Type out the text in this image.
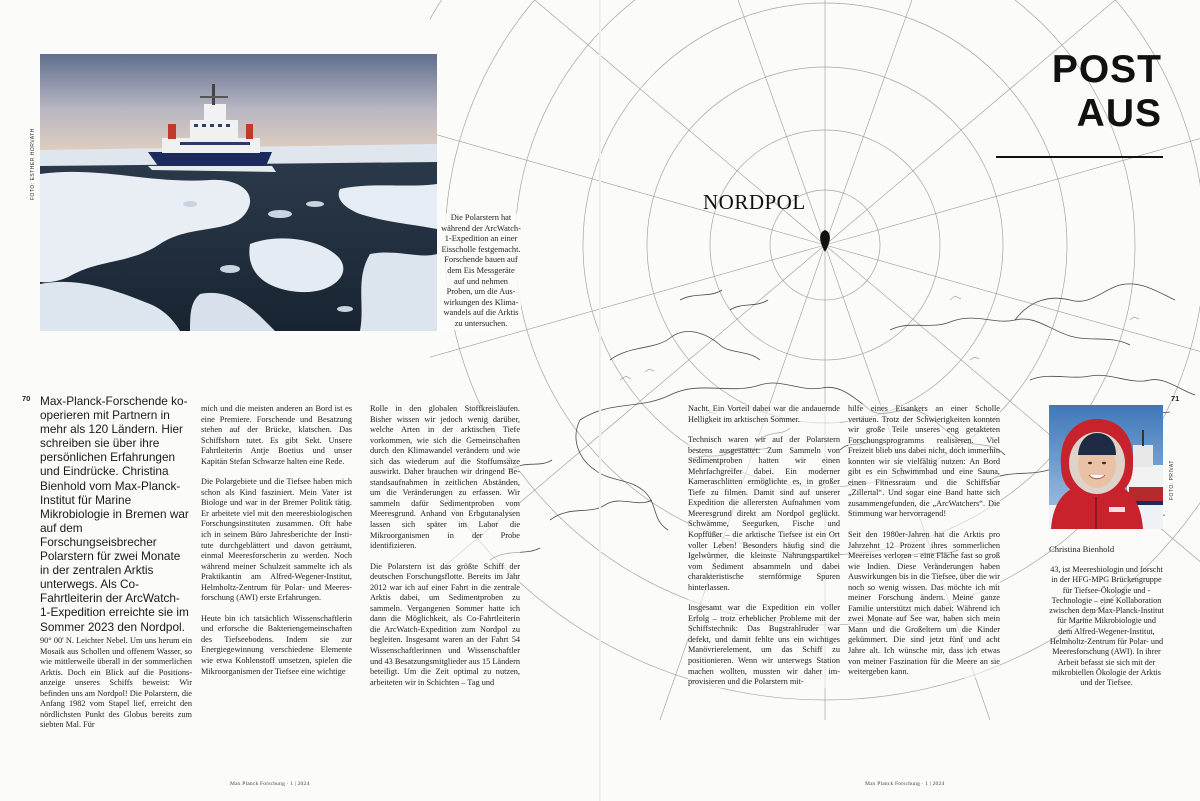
FOTO: ESTHER HORVATH
Die Polarstern hat während der ArcWatch-1-Expedition an einer Eisscholle festgemacht. Forschende bauen auf dem Eis Messgeräte auf und nehmen Proben, um die Auswirkungen des Klimawandels auf die Arktis zu untersuchen.
POST
AUS
NORDPOL
70	71
Max-Planck-Forschende kooperieren mit Partnern in mehr als 120 Ländern. Hier schreiben sie über ihre persönlichen Erfahrungen und Eindrücke. Christina Bienhold vom Max-Planck-Institut für Marine Mikrobiologie in Bremen war auf dem Forschungseisbrecher Polarstern für zwei Monate in der zentralen Arktis unterwegs. Als Co-Fahrtleiterin der ArcWatch-1-Expedition erreichte sie im Sommer 2023 den Nordpol.

90° 00' N. Leichter Nebel. Um uns herum ein Mosaik aus Schollen und offenem Wasser, so wie mittlerweile überall in der sommerlichen Arktis. Doch ein Blick auf die Positionsanzeige unseres Schiffs beweist: Wir befinden uns am Nordpol! Die Polarstern, die Anfang 1982 vom Stapel lief, erreicht den nördlichsten Punkt des Globus bereits zum siebten Mal. Für

mich und die meisten anderen an Bord ist es eine Premiere. Forschende und Besatzung stehen auf der Brücke, klatschen. Das Schiffshorn tutet. Es gibt Sekt. Unsere Fahrtleiterin Antje Boetius und unser Kapitän Stefan Schwarze halten eine Rede.

Die Polargebiete und die Tiefsee haben mich schon als Kind fasziniert. Mein Vater ist Biologe und war in der Bremer Politik tätig. Er arbeitete viel mit den meeresbiologischen Forschungsinstituten zusammen. Oft habe ich in seinem Büro Jahresberichte der Institute durchgeblättert und davon geträumt, einmal Meeresforscherin zu werden. Noch während meiner Schulzeit sammelte ich als Praktikantin am Alfred-Wegener-Institut, Helmholtz-Zentrum für Polar- und Meeresforschung (AWI) erste Erfahrungen.

Heute bin ich tatsächlich Wissenschaftlerin und erforsche die Bakteriengemeinschaften des Tiefseebodens. Indem sie zur Energiegewinnung verschiedene Elemente wie etwa Kohlenstoff umsetzen, spielen die Mikroorganismen der Tiefsee eine wichtige

Rolle in den globalen Stoffkreisläufen. Bisher wissen wir jedoch wenig darüber, welche Arten in der arktischen Tiefe vorkommen, wie sich die Gemeinschaften durch den Klimawandel verändern und wie sich das wiederum auf die Stoffumsätze auswirkt. Daher brauchen wir dringend Bestandsaufnahmen in zeitlichen Abständen, um die Veränderungen zu erfassen. Wir sammeln dafür Sedimentproben vom Meeresgrund. Anhand von Erbgutanalysen lassen sich später im Labor die Mikroorganismen in der Probe identifizieren.

Die Polarstern ist das größte Schiff der deutschen Forschungsflotte. Bereits im Jahr 2012 war ich auf einer Fahrt in die zentrale Arktis dabei, um Sedimentproben zu sammeln. Vergangenen Sommer hatte ich dann die Möglichkeit, als Co-Fahrtleiterin die ArcWatch-Expedition zum Nordpol zu begleiten. Insgesamt waren an der Fahrt 54 Wissenschaftlerinnen und Wissenschaftler und 43 Besatzungsmitglieder aus 15 Ländern beteiligt. Um die Zeit optimal zu nutzen, arbeiteten wir in Schichten – Tag und

Nacht. Ein Vorteil dabei war die andauernde Helligkeit im arktischen Sommer.

Technisch waren wir auf der Polarstern bestens ausgestattet: Zum Sammeln von Sedimentproben hatten wir einen Mehrfachgreifer dabei. Ein moderner Kameraschlitten ermöglichte es, in großer Tiefe zu filmen. Damit sind auf unserer Expedition die allerersten Aufnahmen vom Meeresgrund direkt am Nordpol geglückt. Schwämme, Seegurken, Fische und Kopffüßer – die arktische Tiefsee ist ein Ort voller Leben! Besonders häufig sind die Igelwürmer, die kleinste Nahrungspartikel vom Sediment absammeln und dabei charakteristische sternförmige Spuren hinterlassen.

Insgesamt war die Expedition ein voller Erfolg – trotz erheblicher Probleme mit der Schiffstechnik: Das Bugstrahlruder war defekt, und damit fehlte uns ein wichtiges Manövrierelement, um das Schiff zu positionieren. Wenn wir unterwegs Station machen wollten, mussten wir daher improvisieren und die Polarstern mit-

hilfe eines Eisankers an einer Scholle vertäuen. Trotz der Schwierigkeiten konnten wir große Teile unseres eng getakteten Forschungsprogramms realisieren. Viel Freizeit blieb uns dabei nicht, doch immerhin konnten wir sie vielfältig nutzen: An Bord gibt es ein Schwimmbad und eine Sauna, einen Fitnessraum und die Schiffsbar „Zillertal“. Und sogar eine Band hatte sich zusammengefunden, die „ArcWatchers“. Die Stimmung war hervorragend!

Seit den 1980er-Jahren hat die Arktis pro Jahrzehnt 12 Prozent ihres sommerlichen Meereises verloren – eine Fläche fast so groß wie Indien. Diese Veränderungen haben Auswirkungen bis in die Tiefsee, über die wir noch so wenig wissen. Das möchte ich mit meiner Forschung ändern. Meine ganze Familie unterstützt mich dabei: Während ich zwei Monate auf See war, haben sich mein Mann und die Großeltern um die Kinder gekümmert. Die sind jetzt fünf und acht Jahre alt. Ich wünsche mir, dass ich etwas von meiner Faszination für die Meere an sie weitergeben kann.

FOTO: PRIVAT
Christina Bienhold
43, ist Meeresbiologin und forscht in der HFG-MPG Brückengruppe für Tiefsee-Ökologie und -Technologie – eine Kollaboration zwischen dem Max-Planck-Institut für Marine Mikrobiologie und dem Alfred-Wegener-Institut, Helmholtz-Zentrum für Polar- und Meeresforschung (AWI). In ihrer Arbeit befasst sie sich mit der mikrobiellen Ökologie der Arktis und der Tiefsee.
Max Planck Forschung · 1 | 2024	Max Planck Forschung · 1 | 2024
